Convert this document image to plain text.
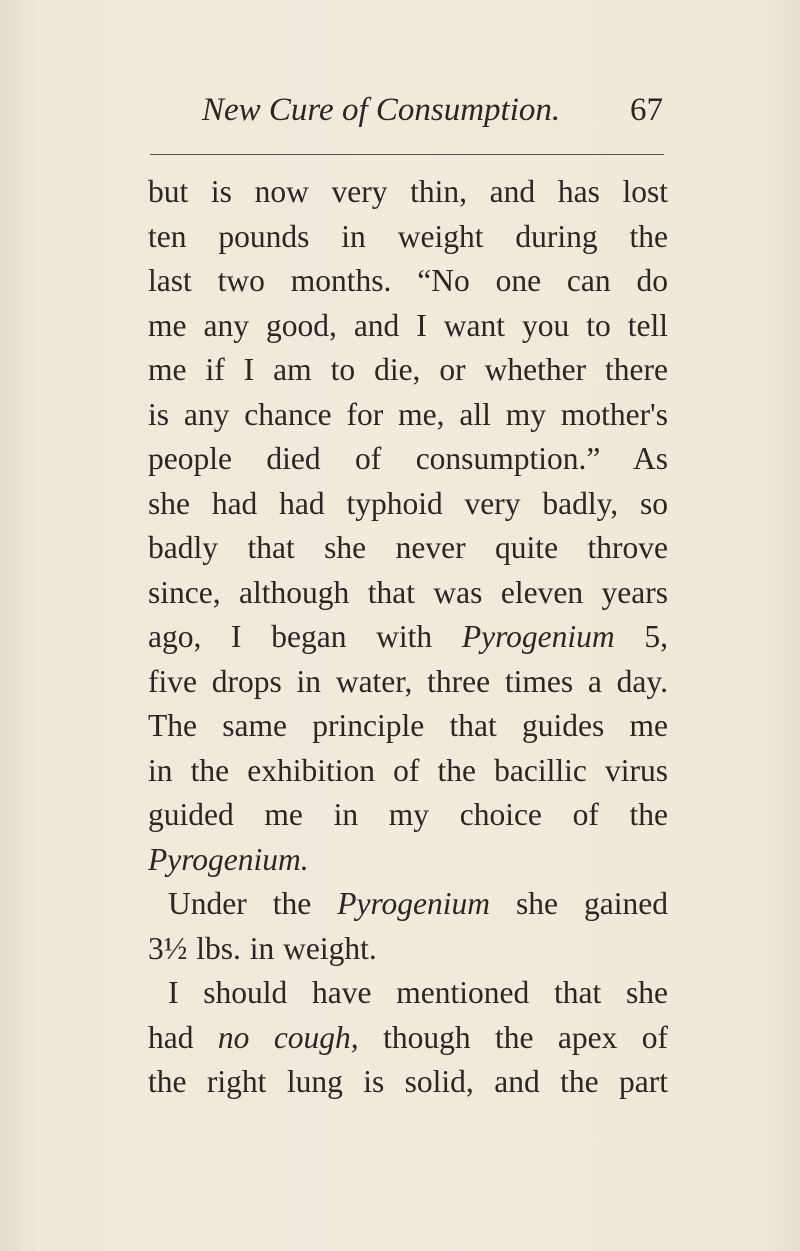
New Cure of Consumption. 67
but is now very thin, and has lost
ten pounds in weight during the
last two months. “No one can do
me any good, and I want you to tell
me if I am to die, or whether there
is any chance for me, all my mother's
people died of consumption.” As
she had had typhoid very badly, so
badly that she never quite throve
since, although that was eleven years
ago, I began with Pyrogenium 5,
five drops in water, three times a day.
The same principle that guides me
in the exhibition of the bacillic virus
guided me in my choice of the
Pyrogenium.
Under the Pyrogenium she gained
3½ lbs. in weight.
I should have mentioned that she
had no cough, though the apex of
the right lung is solid, and the part
